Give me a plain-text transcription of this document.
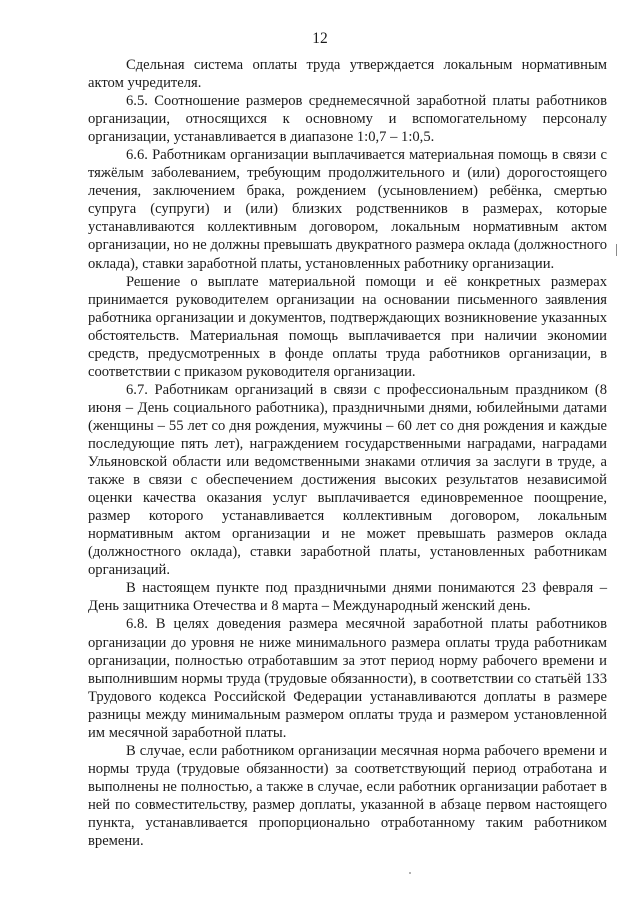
12

Сдельная система оплаты труда утверждается локальным нормативным актом учредителя.

6.5. Соотношение размеров среднемесячной заработной платы работников организации, относящихся к основному и вспомогательному персоналу организации, устанавливается в диапазоне 1:0,7 – 1:0,5.

6.6. Работникам организации выплачивается материальная помощь в связи с тяжёлым заболеванием, требующим продолжительного и (или) дорогостоящего лечения, заключением брака, рождением (усыновлением) ребёнка, смертью супруга (супруги) и (или) близких родственников в размерах, которые устанавливаются коллективным договором, локальным нормативным актом организации, но не должны превышать двукратного размера оклада (должностного оклада), ставки заработной платы, установленных работнику организации.

Решение о выплате материальной помощи и её конкретных размерах принимается руководителем организации на основании письменного заявления работника организации и документов, подтверждающих возникновение указанных обстоятельств. Материальная помощь выплачивается при наличии экономии средств, предусмотренных в фонде оплаты труда работников организации, в соответствии с приказом руководителя организации.

6.7. Работникам организаций в связи с профессиональным праздником (8 июня – День социального работника), праздничными днями, юбилейными датами (женщины – 55 лет со дня рождения, мужчины – 60 лет со дня рождения и каждые последующие пять лет), награждением государственными наградами, наградами Ульяновской области или ведомственными знаками отличия за заслуги в труде, а также в связи с обеспечением достижения высоких результатов независимой оценки качества оказания услуг выплачивается единовременное поощрение, размер которого устанавливается коллективным договором, локальным нормативным актом организации и не может превышать размеров оклада (должностного оклада), ставки заработной платы, установленных работникам организаций.

В настоящем пункте под праздничными днями понимаются 23 февраля – День защитника Отечества и 8 марта – Международный женский день.

6.8. В целях доведения размера месячной заработной платы работников организации до уровня не ниже минимального размера оплаты труда работникам организации, полностью отработавшим за этот период норму рабочего времени и выполнившим нормы труда (трудовые обязанности), в соответствии со статьёй 133 Трудового кодекса Российской Федерации устанавливаются доплаты в размере разницы между минимальным размером оплаты труда и размером установленной им месячной заработной платы.

В случае, если работником организации месячная норма рабочего времени и нормы труда (трудовые обязанности) за соответствующий период отработана и выполнены не полностью, а также в случае, если работник организации работает в ней по совместительству, размер доплаты, указанной в абзаце первом настоящего пункта, устанавливается пропорционально отработанному таким работником времени.
